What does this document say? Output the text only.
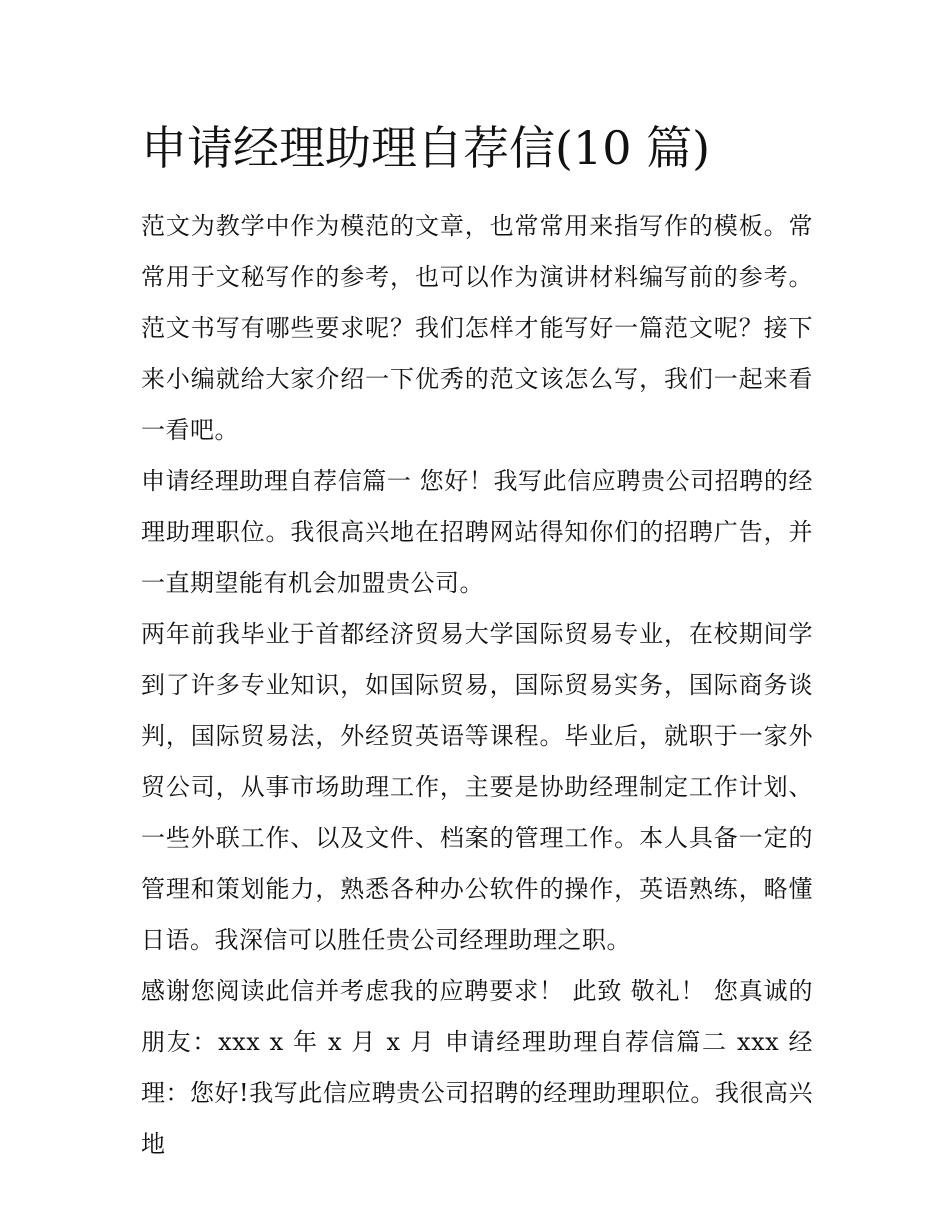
申请经理助理自荐信(10 篇)

范文为教学中作为模范的文章，也常常用来指写作的模板。常常用于文秘写作的参考，也可以作为演讲材料编写前的参考。范文书写有哪些要求呢？我们怎样才能写好一篇范文呢？接下来小编就给大家介绍一下优秀的范文该怎么写，我们一起来看一看吧。

申请经理助理自荐信篇一 您好！我写此信应聘贵公司招聘的经理助理职位。我很高兴地在招聘网站得知你们的招聘广告，并一直期望能有机会加盟贵公司。

两年前我毕业于首都经济贸易大学国际贸易专业，在校期间学到了许多专业知识，如国际贸易，国际贸易实务，国际商务谈判，国际贸易法，外经贸英语等课程。毕业后，就职于一家外贸公司，从事市场助理工作，主要是协助经理制定工作计划、一些外联工作、以及文件、档案的管理工作。本人具备一定的管理和策划能力，熟悉各种办公软件的操作，英语熟练，略懂日语。我深信可以胜任贵公司经理助理之职。

感谢您阅读此信并考虑我的应聘要求！ 此致 敬礼！ 您真诚的朋友：xxx x 年 x 月 x 月 申请经理助理自荐信篇二 xxx 经理：您好!我写此信应聘贵公司招聘的经理助理职位。我很高兴地
